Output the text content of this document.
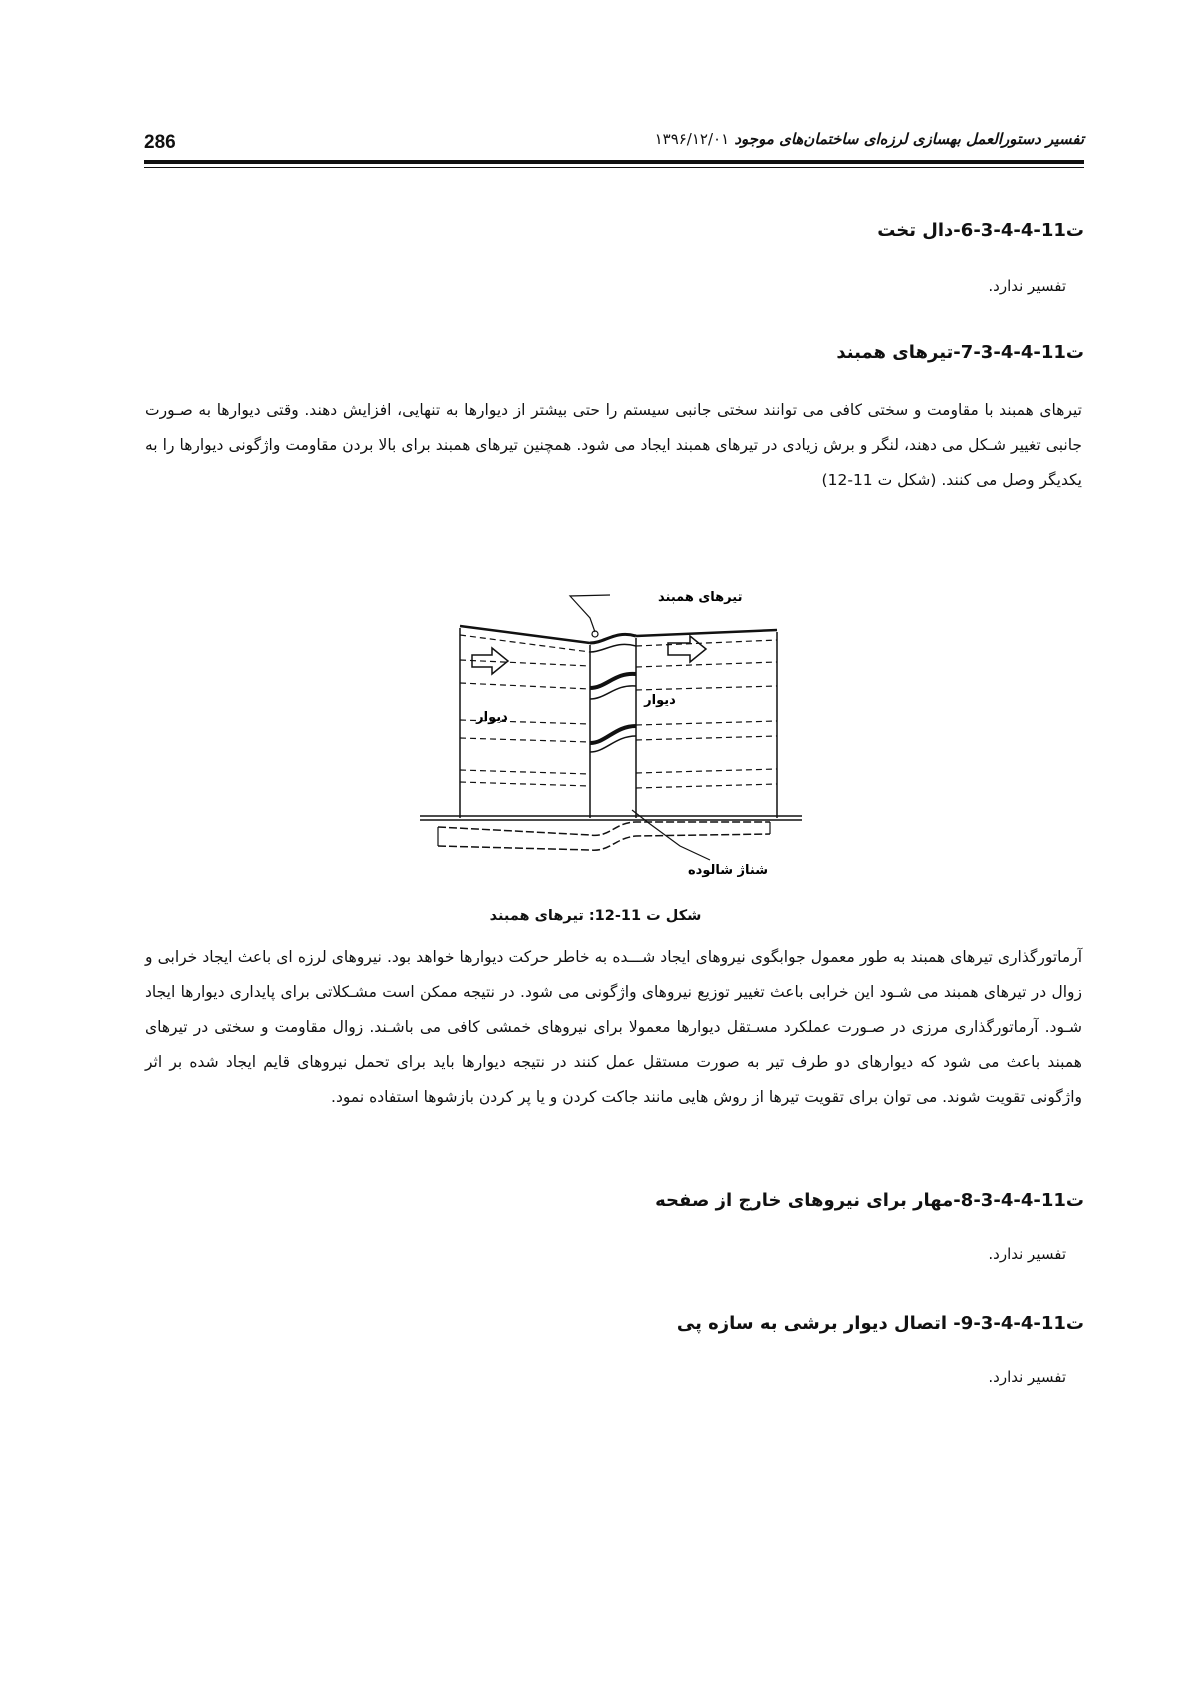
286	تفسیر دستورالعمل بهسازی لرزه‌ای ساختمان‌های موجود ۱۳۹۶/۱۲/۰۱
ت11-4-4-3-6-دال تخت
تفسیر ندارد.
ت11-4-4-3-7-تیرهای همبند
تیرهای همبند با مقاومت و سختی کافی می توانند سختی جانبی سیستم را حتی بیشتر از دیوارها به تنهایی، افزایش دهند. وقتی دیوارها به صـورت جانبی تغییر شـکل می دهند، لنگر و برش زیادی در تیرهای همبند ایجاد می شود. همچنین تیرهای همبند برای بالا بردن مقاومت واژگونی دیوارها را به یکدیگر وصل می کنند. (شکل ت 11-12)
تیرهای همبند
دیوار
دیوار
شناژ شالوده
شکل ت 11-12: تیرهای همبند
آرماتورگذاری تیرهای همبند به طور معمول جوابگوی نیروهای ایجاد شـــده به خاطر حرکت دیوارها خواهد بود. نیروهای لرزه ای باعث ایجاد خرابی و زوال در تیرهای همبند می شـود این خرابی باعث تغییر توزیع نیروهای واژگونی می شود. در نتیجه ممکن است مشـکلاتی برای پایداری دیوارها ایجاد شـود. آرماتورگذاری مرزی در صـورت عملکرد مسـتقل دیوارها معمولا برای نیروهای خمشی کافی می باشـند. زوال مقاومت و سختی در تیرهای همبند باعث می شود که دیوارهای دو طرف تیر به صورت مستقل عمل کنند در نتیجه دیوارها باید برای تحمل نیروهای قایم ایجاد شده بر اثر واژگونی تقویت شوند. می توان برای تقویت تیرها از روش هایی مانند جاکت کردن و یا پر کردن بازشوها استفاده نمود.
ت11-4-4-3-8-مهار برای نیروهای خارج از صفحه
تفسیر ندارد.
ت11-4-4-3-9- اتصال دیوار برشی به سازه پی
تفسیر ندارد.
